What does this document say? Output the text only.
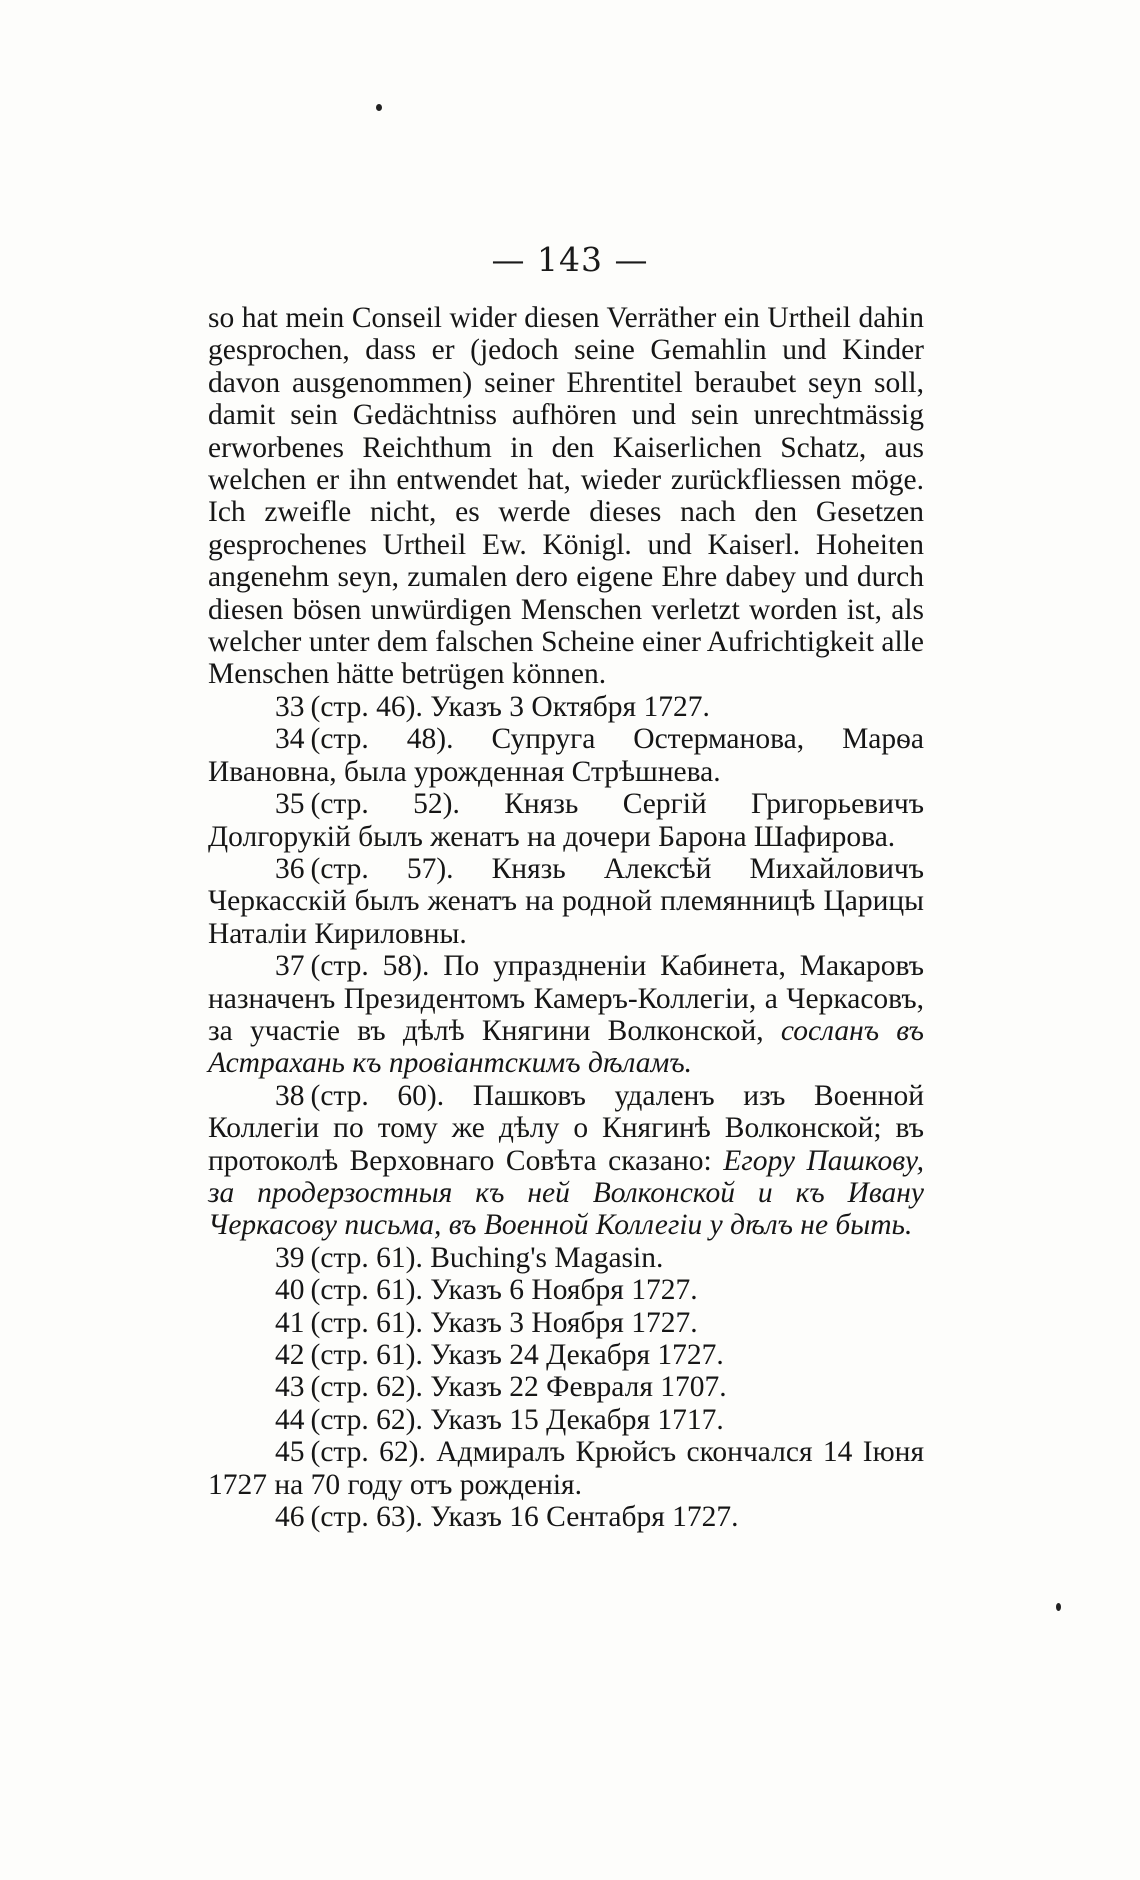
— 143 —

so hat mein Conseil wider diesen Verräther ein Urtheil dahin gesprochen, dass er (jedoch seine Gemahlin und Kinder davon ausgenommen) seiner Ehrentitel beraubet seyn soll, damit sein Gedächtniss aufhören und sein unrechtmässig erworbenes Reichthum in den Kaiserlichen Schatz, aus welchen er ihn entwendet hat, wieder zurückfliessen möge. Ich zweifle nicht, es werde dieses nach den Gesetzen gesprochenes Urtheil Ew. Königl. und Kaiserl. Hoheiten angenehm seyn, zumalen dero eigene Ehre dabey und durch diesen bösen unwürdigen Menschen verletzt worden ist, als welcher unter dem falschen Scheine einer Aufrichtigkeit alle Menschen hätte betrügen können.

33 (стр. 46). Указъ 3 Октября 1727.

34 (стр. 48). Супруга Остерманова, Марѳа Ивановна, была урожденная Стрѣшнева.

35 (стр. 52). Князь Сергій Григорьевичъ Долгорукій былъ женатъ на дочери Барона Шафирова.

36 (стр. 57). Князь Алексѣй Михайловичъ Черкасскій былъ женатъ на родной племянницѣ Царицы Наталіи Кириловны.

37 (стр. 58). По упраздненіи Кабинета, Макаровъ назначенъ Президентомъ Камеръ-Коллегіи, а Черкасовъ, за участіе въ дѣлѣ Княгини Волконской, сосланъ въ Астрахань къ провіантскимъ дѣламъ.

38 (стр. 60). Пашковъ удаленъ изъ Военной Коллегіи по тому же дѣлу о Княгинѣ Волконской; въ протоколѣ Верховнаго Совѣта сказано: Егору Пашкову, за продерзостныя къ ней Волконской и къ Ивану Черкасову письма, въ Военной Коллегіи у дѣлъ не быть.

39 (стр. 61). Buching's Magasin.

40 (стр. 61). Указъ 6 Ноября 1727.

41 (стр. 61). Указъ 3 Ноября 1727.

42 (стр. 61). Указъ 24 Декабря 1727.

43 (стр. 62). Указъ 22 Февраля 1707.

44 (стр. 62). Указъ 15 Декабря 1717.

45 (стр. 62). Адмиралъ Крюйсъ скончался 14 Іюня 1727 на 70 году отъ рожденія.

46 (стр. 63). Указъ 16 Сентабря 1727.
